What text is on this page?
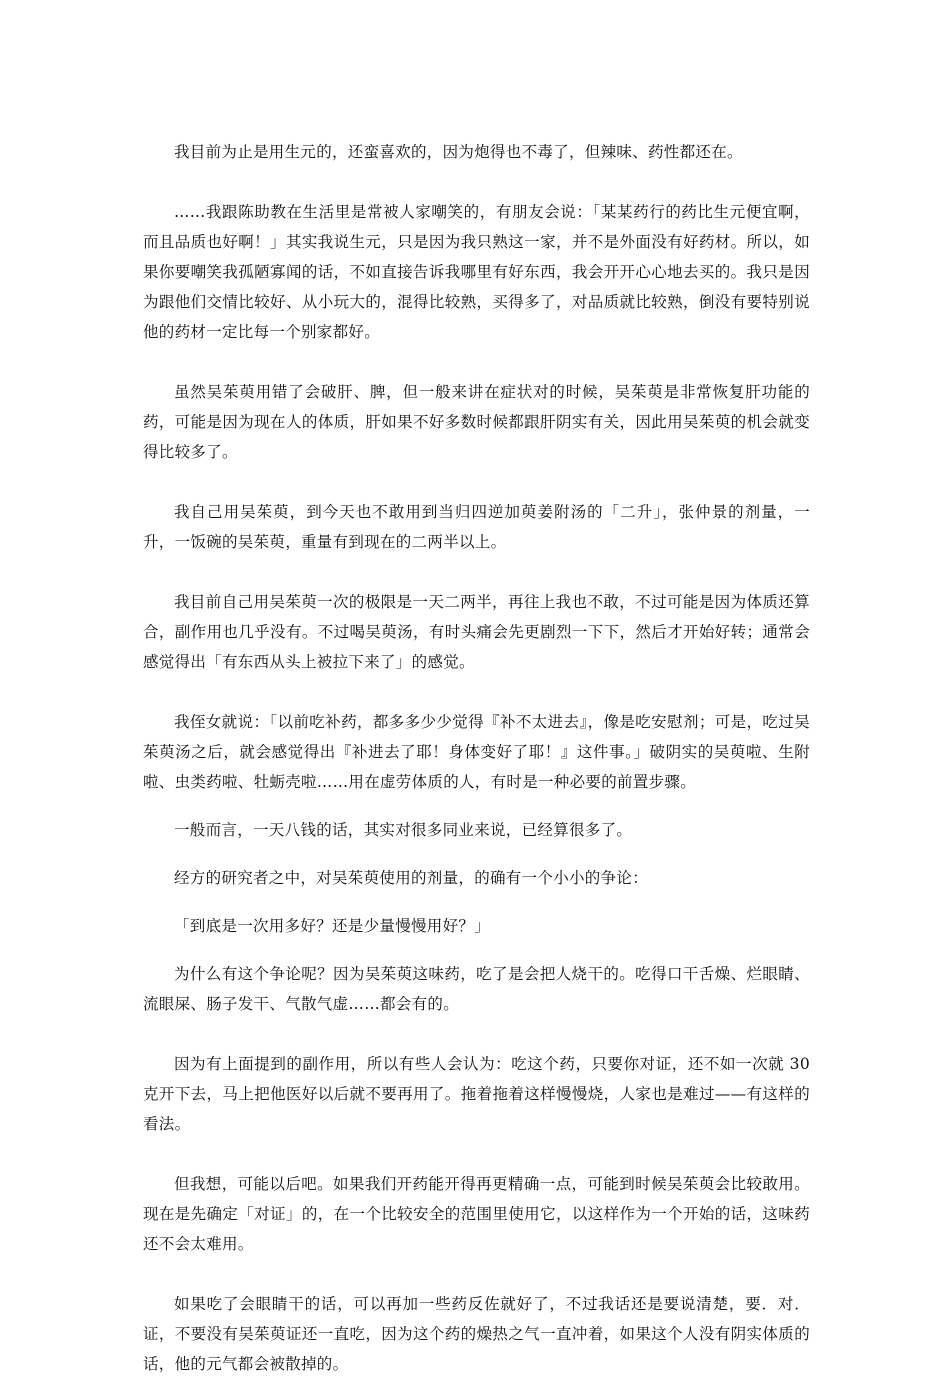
我目前为止是用生元的，还蛮喜欢的，因为炮得也不毒了，但辣味、药性都还在。

……我跟陈助教在生活里是常被人家嘲笑的，有朋友会说：「某某药行的药比生元便宜啊，而且品质也好啊！」其实我说生元，只是因为我只熟这一家，并不是外面没有好药材。所以，如果你要嘲笑我孤陋寡闻的话，不如直接告诉我哪里有好东西，我会开开心心地去买的。我只是因为跟他们交情比较好、从小玩大的，混得比较熟，买得多了，对品质就比较熟，倒没有要特别说他的药材一定比每一个别家都好。

虽然吴茱萸用错了会破肝、脾，但一般来讲在症状对的时候，吴茱萸是非常恢复肝功能的药，可能是因为现在人的体质，肝如果不好多数时候都跟肝阴实有关，因此用吴茱萸的机会就变得比较多了。

我自己用吴茱萸，到今天也不敢用到当归四逆加萸姜附汤的「二升」，张仲景的剂量，一升，一饭碗的吴茱萸，重量有到现在的二两半以上。

我目前自己用吴茱萸一次的极限是一天二两半，再往上我也不敢，不过可能是因为体质还算合，副作用也几乎没有。不过喝吴萸汤，有时头痛会先更剧烈一下下，然后才开始好转；通常会感觉得出「有东西从头上被拉下来了」的感觉。

我侄女就说：「以前吃补药，都多多少少觉得『补不太进去』，像是吃安慰剂；可是，吃过吴茱萸汤之后，就会感觉得出『补进去了耶！身体变好了耶！』这件事。」破阴实的吴萸啦、生附啦、虫类药啦、牡蛎壳啦……用在虚劳体质的人，有时是一种必要的前置步骤。

一般而言，一天八钱的话，其实对很多同业来说，已经算很多了。

经方的研究者之中，对吴茱萸使用的剂量，的确有一个小小的争论：

「到底是一次用多好？还是少量慢慢用好？」

为什么有这个争论呢？因为吴茱萸这味药，吃了是会把人烧干的。吃得口干舌燥、烂眼睛、流眼屎、肠子发干、气散气虚……都会有的。

因为有上面提到的副作用，所以有些人会认为：吃这个药，只要你对证，还不如一次就 30 克开下去，马上把他医好以后就不要再用了。拖着拖着这样慢慢烧，人家也是难过——有这样的看法。

但我想，可能以后吧。如果我们开药能开得再更精确一点，可能到时候吴茱萸会比较敢用。现在是先确定「对证」的，在一个比较安全的范围里使用它，以这样作为一个开始的话，这味药还不会太难用。

如果吃了会眼睛干的话，可以再加一些药反佐就好了，不过我话还是要说清楚，要．对．证，不要没有吴茱萸证还一直吃，因为这个药的燥热之气一直冲着，如果这个人没有阴实体质的话，他的元气都会被散掉的。
